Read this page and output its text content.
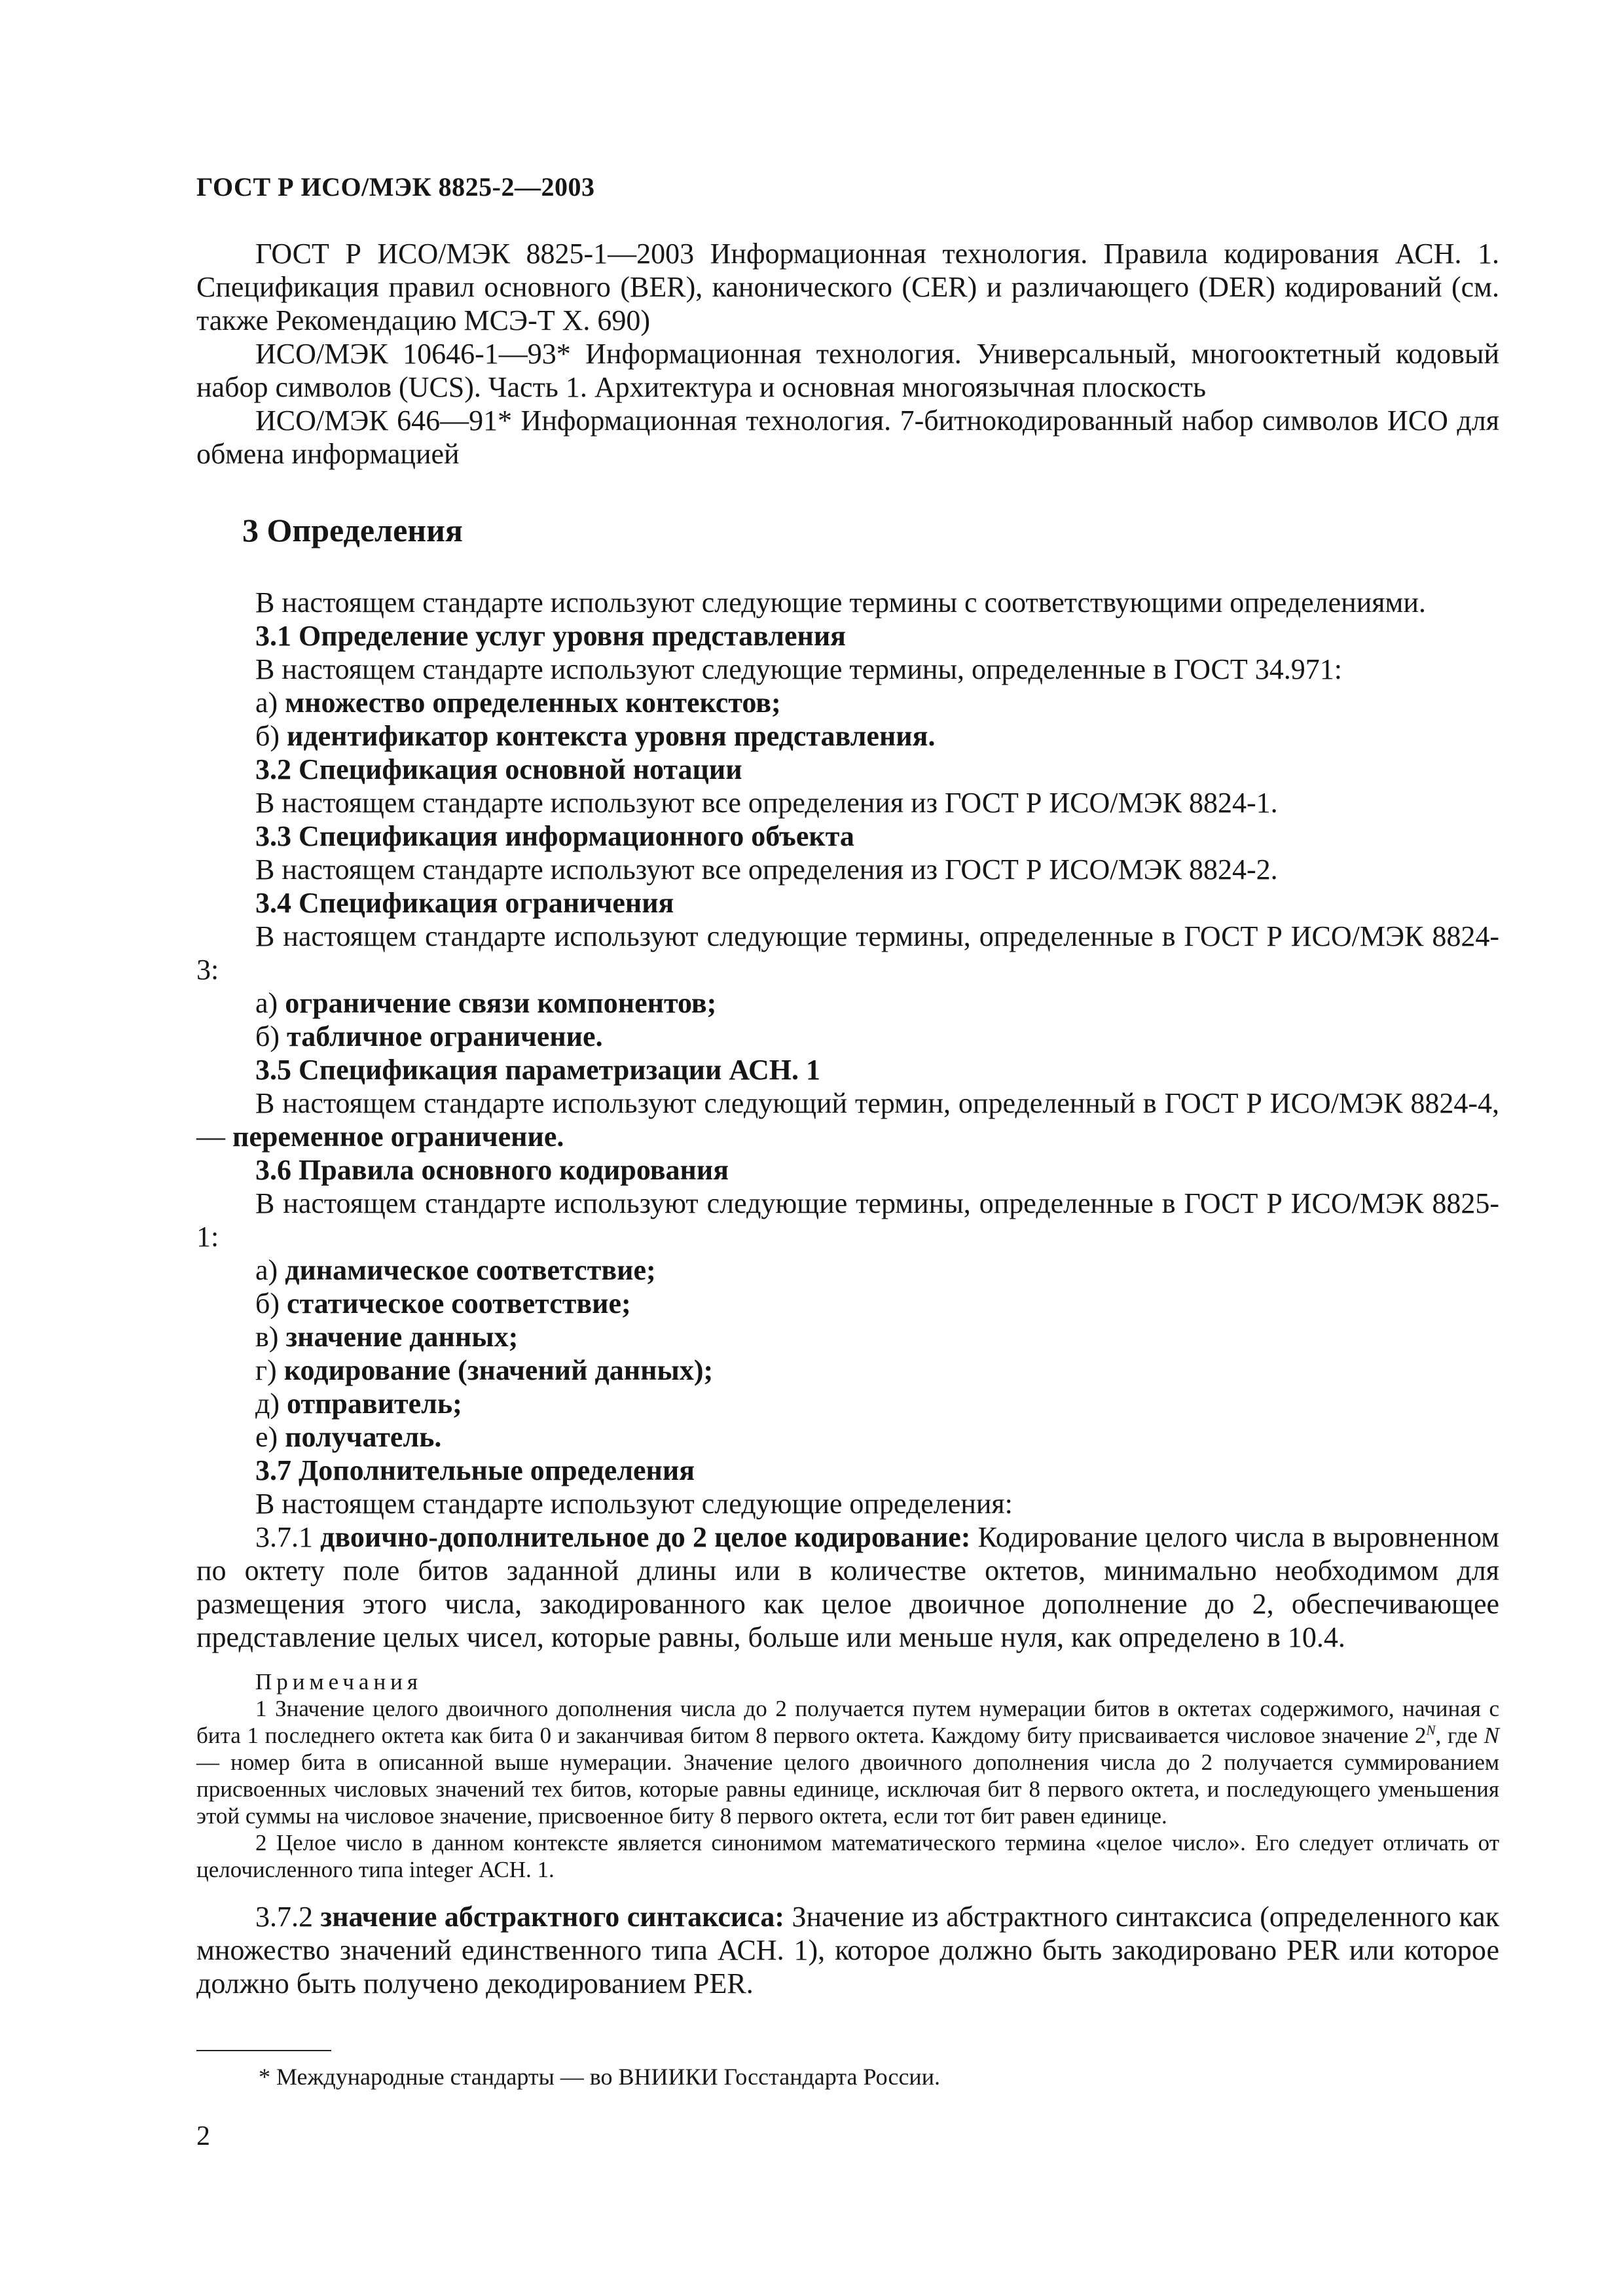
ГОСТ Р ИСО/МЭК 8825-2—2003

ГОСТ Р ИСО/МЭК 8825-1—2003 Информационная технология. Правила кодирования АСН. 1. Спецификация правил основного (BER), канонического (CER) и различающего (DER) кодирований (см. также Рекомендацию МСЭ-Т X. 690)

ИСО/МЭК 10646-1—93* Информационная технология. Универсальный, многооктетный кодовый набор символов (UCS). Часть 1. Архитектура и основная многоязычная плоскость

ИСО/МЭК 646—91* Информационная технология. 7-битнокодированный набор символов ИСО для обмена информацией

3 Определения

В настоящем стандарте используют следующие термины с соответствующими определениями.

3.1 Определение услуг уровня представления

В настоящем стандарте используют следующие термины, определенные в ГОСТ 34.971:

а) множество определенных контекстов;

б) идентификатор контекста уровня представления.

3.2 Спецификация основной нотации

В настоящем стандарте используют все определения из ГОСТ Р ИСО/МЭК 8824-1.

3.3 Спецификация информационного объекта

В настоящем стандарте используют все определения из ГОСТ Р ИСО/МЭК 8824-2.

3.4 Спецификация ограничения

В настоящем стандарте используют следующие термины, определенные в ГОСТ Р ИСО/МЭК 8824-3:

а) ограничение связи компонентов;

б) табличное ограничение.

3.5 Спецификация параметризации АСН. 1

В настоящем стандарте используют следующий термин, определенный в ГОСТ Р ИСО/МЭК 8824-4, — переменное ограничение.

3.6 Правила основного кодирования

В настоящем стандарте используют следующие термины, определенные в ГОСТ Р ИСО/МЭК 8825-1:

а) динамическое соответствие;

б) статическое соответствие;

в) значение данных;

г) кодирование (значений данных);

д) отправитель;

е) получатель.

3.7 Дополнительные определения

В настоящем стандарте используют следующие определения:

3.7.1 двоично-дополнительное до 2 целое кодирование: Кодирование целого числа в выровненном по октету поле битов заданной длины или в количестве октетов, минимально необходимом для размещения этого числа, закодированного как целое двоичное дополнение до 2, обеспечивающее представление целых чисел, которые равны, больше или меньше нуля, как определено в 10.4.

Примечания

1 Значение целого двоичного дополнения числа до 2 получается путем нумерации битов в октетах содержимого, начиная с бита 1 последнего октета как бита 0 и заканчивая битом 8 первого октета. Каждому биту присваивается числовое значение $2^N$, где N — номер бита в описанной выше нумерации. Значение целого двоичного дополнения числа до 2 получается суммированием присвоенных числовых значений тех битов, которые равны единице, исключая бит 8 первого октета, и последующего уменьшения этой суммы на числовое значение, присвоенное биту 8 первого октета, если тот бит равен единице.

2 Целое число в данном контексте является синонимом математического термина «целое число». Его следует отличать от целочисленного типа integer АСН. 1.

3.7.2 значение абстрактного синтаксиса: Значение из абстрактного синтаксиса (определенного как множество значений единственного типа АСН. 1), которое должно быть закодировано PER или которое должно быть получено декодированием PER.

* Международные стандарты — во ВНИИКИ Госстандарта России.
2
